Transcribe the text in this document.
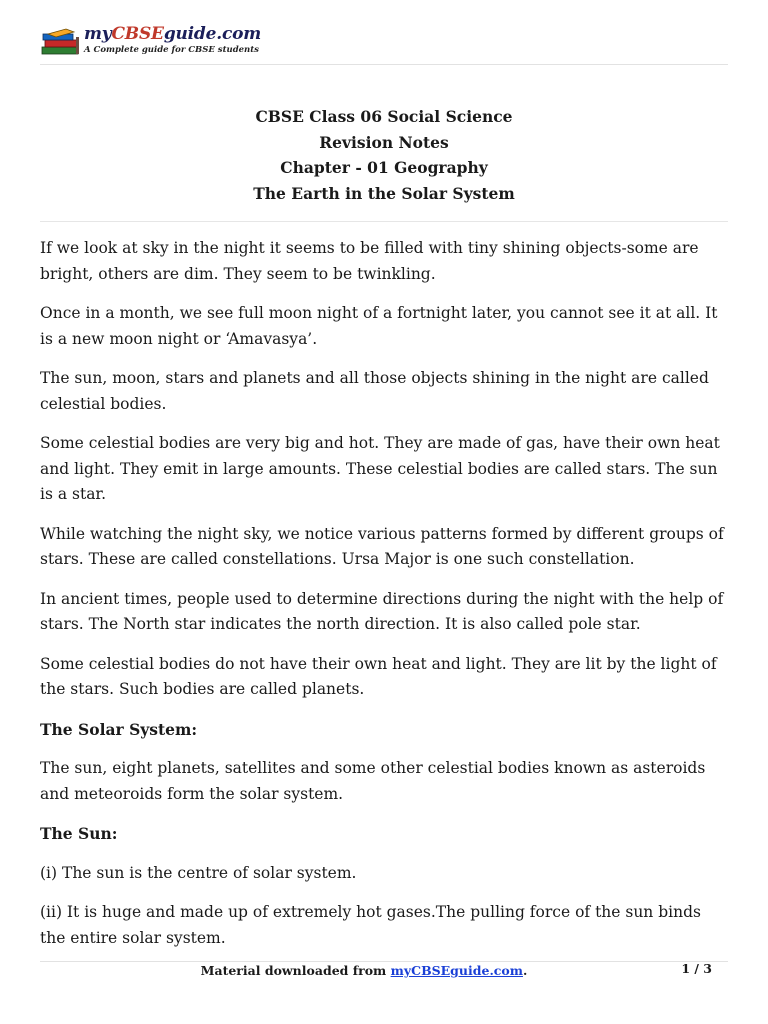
myCBSEguide.com
A Complete guide for CBSE students
CBSE Class 06 Social Science
Revision Notes
Chapter - 01 Geography
The Earth in the Solar System

If we look at sky in the night it seems to be filled with tiny shining objects-some are bright, others are dim. They seem to be twinkling.

Once in a month, we see full moon night of a fortnight later, you cannot see it at all. It is a new moon night or ‘Amavasya’.

The sun, moon, stars and planets and all those objects shining in the night are called celestial bodies.

Some celestial bodies are very big and hot. They are made of gas, have their own heat and light. They emit in large amounts. These celestial bodies are called stars. The sun is a star.

While watching the night sky, we notice various patterns formed by different groups of stars. These are called constellations. Ursa Major is one such constellation.

In ancient times, people used to determine directions during the night with the help of stars. The North star indicates the north direction. It is also called pole star.

Some celestial bodies do not have their own heat and light. They are lit by the light of the stars. Such bodies are called planets.

The Solar System:

The sun, eight planets, satellites and some other celestial bodies known as asteroids and meteoroids form the solar system.

The Sun:

(i) The sun is the centre of solar system.

(ii) It is huge and made up of extremely hot gases.The pulling force of the sun binds the entire solar system.

Material downloaded from myCBSEguide.com.	1 / 3
